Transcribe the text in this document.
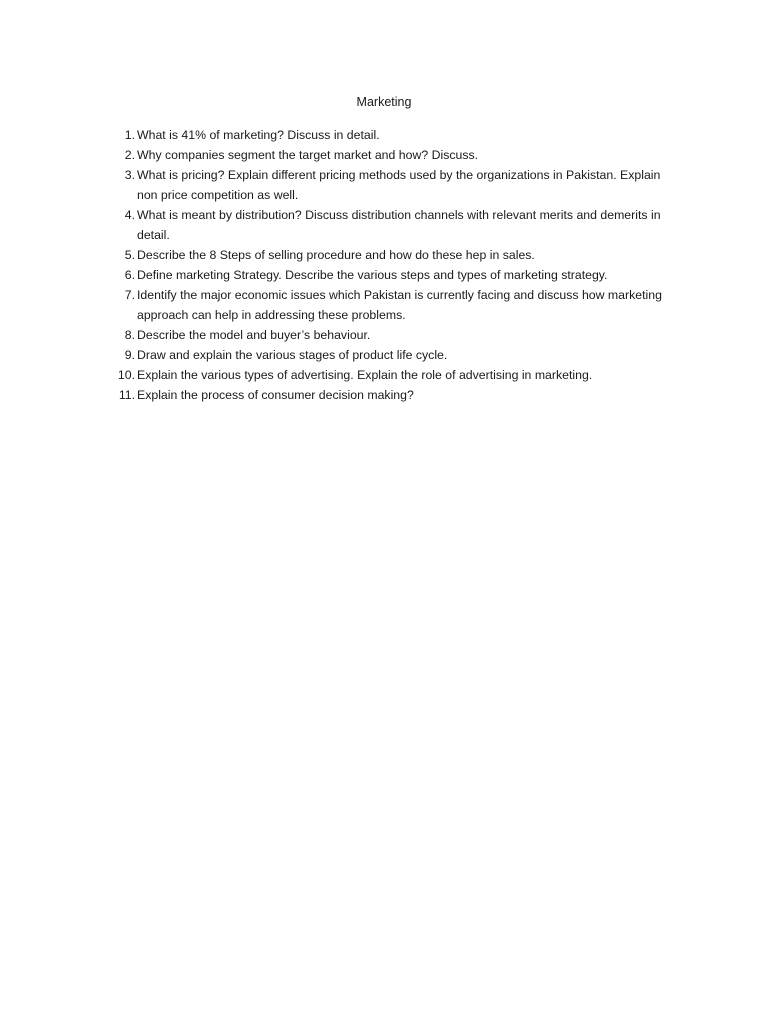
Marketing
1. What is 41% of marketing? Discuss in detail.
2. Why companies segment the target market and how? Discuss.
3. What is pricing? Explain different pricing methods used by the organizations in Pakistan. Explain non price competition as well.
4. What is meant by distribution? Discuss distribution channels with relevant merits and demerits in detail.
5. Describe the 8 Steps of selling procedure and how do these hep in sales.
6. Define marketing Strategy. Describe the various steps and types of marketing strategy.
7. Identify the major economic issues which Pakistan is currently facing and discuss how marketing approach can help in addressing these problems.
8. Describe the model and buyer’s behaviour.
9. Draw and explain the various stages of product life cycle.
10. Explain the various types of advertising. Explain the role of advertising in marketing.
11. Explain the process of consumer decision making?
